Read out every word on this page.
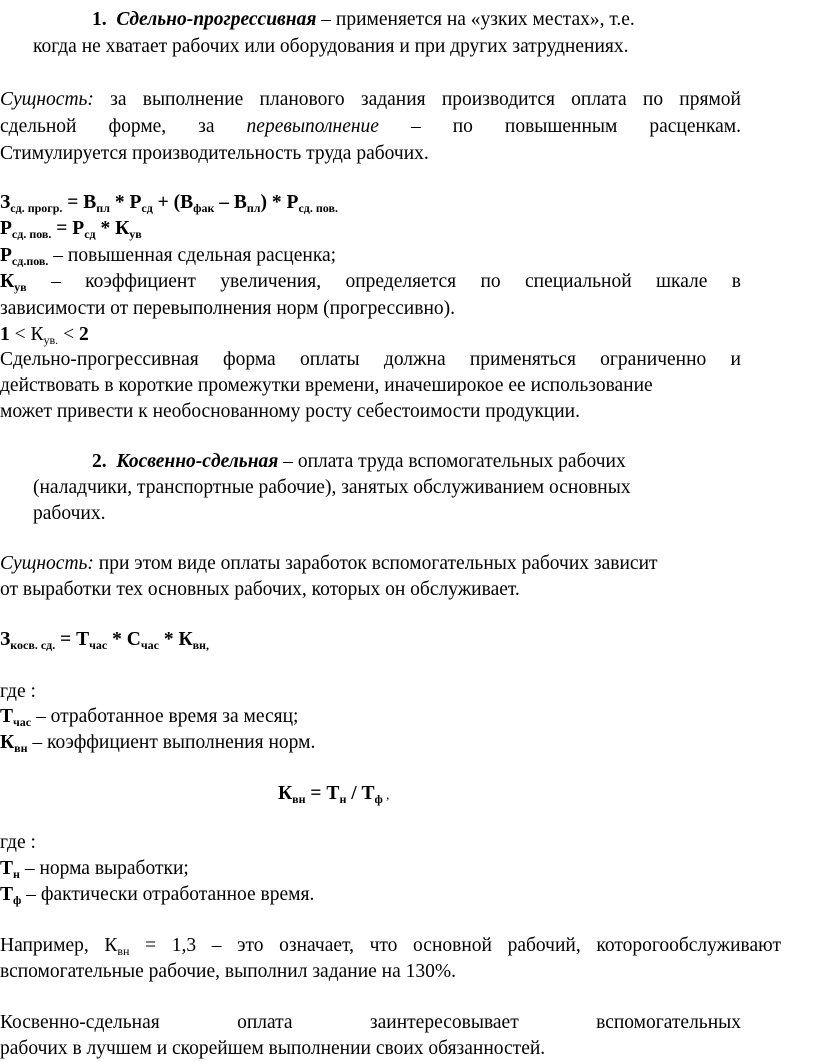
1. Сдельно-прогрессивная – применяется на «узких местах», т.е.
когда не хватает рабочих или оборудования и при других затруднениях.
Сущность: за выполнение планового задания производится оплата по прямой
сдельной форме, за перевыполнение – по повышенным расценкам.
Стимулируется производительность труда рабочих.
$З_{сд. прогр.} = В_{пл} * Р_{сд} + (В_{фак} - В_{пл}) * Р_{сд. пов.}$
$Р_{сд. пов.} = Р_{сд} * К_{ув}$
$Р_{сд.пов.}$ – повышенная сдельная расценка;
$К_{ув}$ – коэффициент увеличения, определяется по специальной шкале в
зависимости от перевыполнения норм (прогрессивно).
$1 < К_{ув.} < 2$
Сдельно-прогрессивная форма оплаты должна применяться ограниченно и
действовать в короткие промежутки времени, иначеширокое ее использование
может привести к необоснованному росту себестоимости продукции.
2. Косвенно-сдельная – оплата труда вспомогательных рабочих
(наладчики, транспортные рабочие), занятых обслуживанием основных
рабочих.
Сущность: при этом виде оплаты заработок вспомогательных рабочих зависит
от выработки тех основных рабочих, которых он обслуживает.
$З_{косв. сд.} = Т_{час} * С_{час} * К_{вн,}$
где :
$Т_{час}$ – отработанное время за месяц;
$К_{вн}$ – коэффициент выполнения норм.
$К_{вн} = Т_н / Т_ф$ ,
где :
$Т_н$ – норма выработки;
$Т_ф$ – фактически отработанное время.
Например, $К_{вн} = 1,3$ – это означает, что основной рабочий, которогообслуживают
вспомогательные рабочие, выполнил задание на 130%.
Косвенно-сдельная оплата заинтересовывает вспомогательных
рабочих в лучшем и скорейшем выполнении своих обязанностей.
